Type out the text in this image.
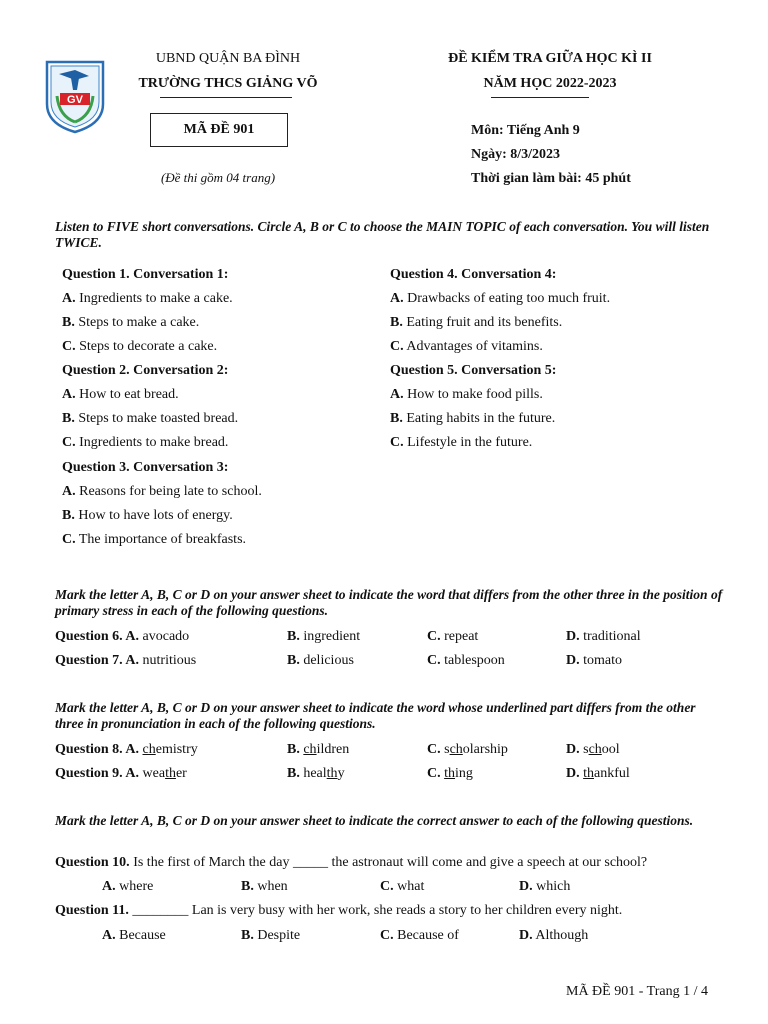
GV
UBND QUẬN BA ĐÌNH
TRƯỜNG THCS GIẢNG VÕ
MÃ ĐỀ 901
(Đề thi gồm 04 trang)
ĐỀ KIỂM TRA GIỮA HỌC KÌ II
NĂM HỌC 2022-2023
Môn: Tiếng Anh 9
Ngày: 8/3/2023
Thời gian làm bài: 45 phút
Listen to FIVE short conversations. Circle A, B or C to choose the MAIN TOPIC of each conversation. You will listen TWICE.
Question 1. Conversation 1:
A. Ingredients to make a cake.
B. Steps to make a cake.
C. Steps to decorate a cake.
Question 2. Conversation 2:
A. How to eat bread.
B. Steps to make toasted bread.
C. Ingredients to make bread.
Question 3. Conversation 3:
A. Reasons for being late to school.
B. How to have lots of energy.
C. The importance of breakfasts.
Question 4. Conversation 4:
A. Drawbacks of eating too much fruit.
B. Eating fruit and its benefits.
C. Advantages of vitamins.
Question 5. Conversation 5:
A. How to make food pills.
B. Eating habits in the future.
C. Lifestyle in the future.
Mark the letter A, B, C or D on your answer sheet to indicate the word that differs from the other three in the position of primary stress in each of the following questions.
Question 6. A. avocado	B. ingredient	C. repeat	D. traditional
Question 7. A. nutritious	B. delicious	C. tablespoon	D. tomato
Mark the letter A, B, C or D on your answer sheet to indicate the word whose underlined part differs from the other three in pronunciation in each of the following questions.
Question 8. A. chemistry	B. children	C. scholarship	D. school
Question 9. A. weather	B. healthy	C. thing	D. thankful
Mark the letter A, B, C or D on your answer sheet to indicate the correct answer to each of the following questions.
Question 10. Is the first of March the day _____ the astronaut will come and give a speech at our school?
A. where	B. when	C. what	D. which
Question 11. ________ Lan is very busy with her work, she reads a story to her children every night.
A. Because	B. Despite	C. Because of	D. Although
MÃ ĐỀ 901 - Trang 1 / 4
